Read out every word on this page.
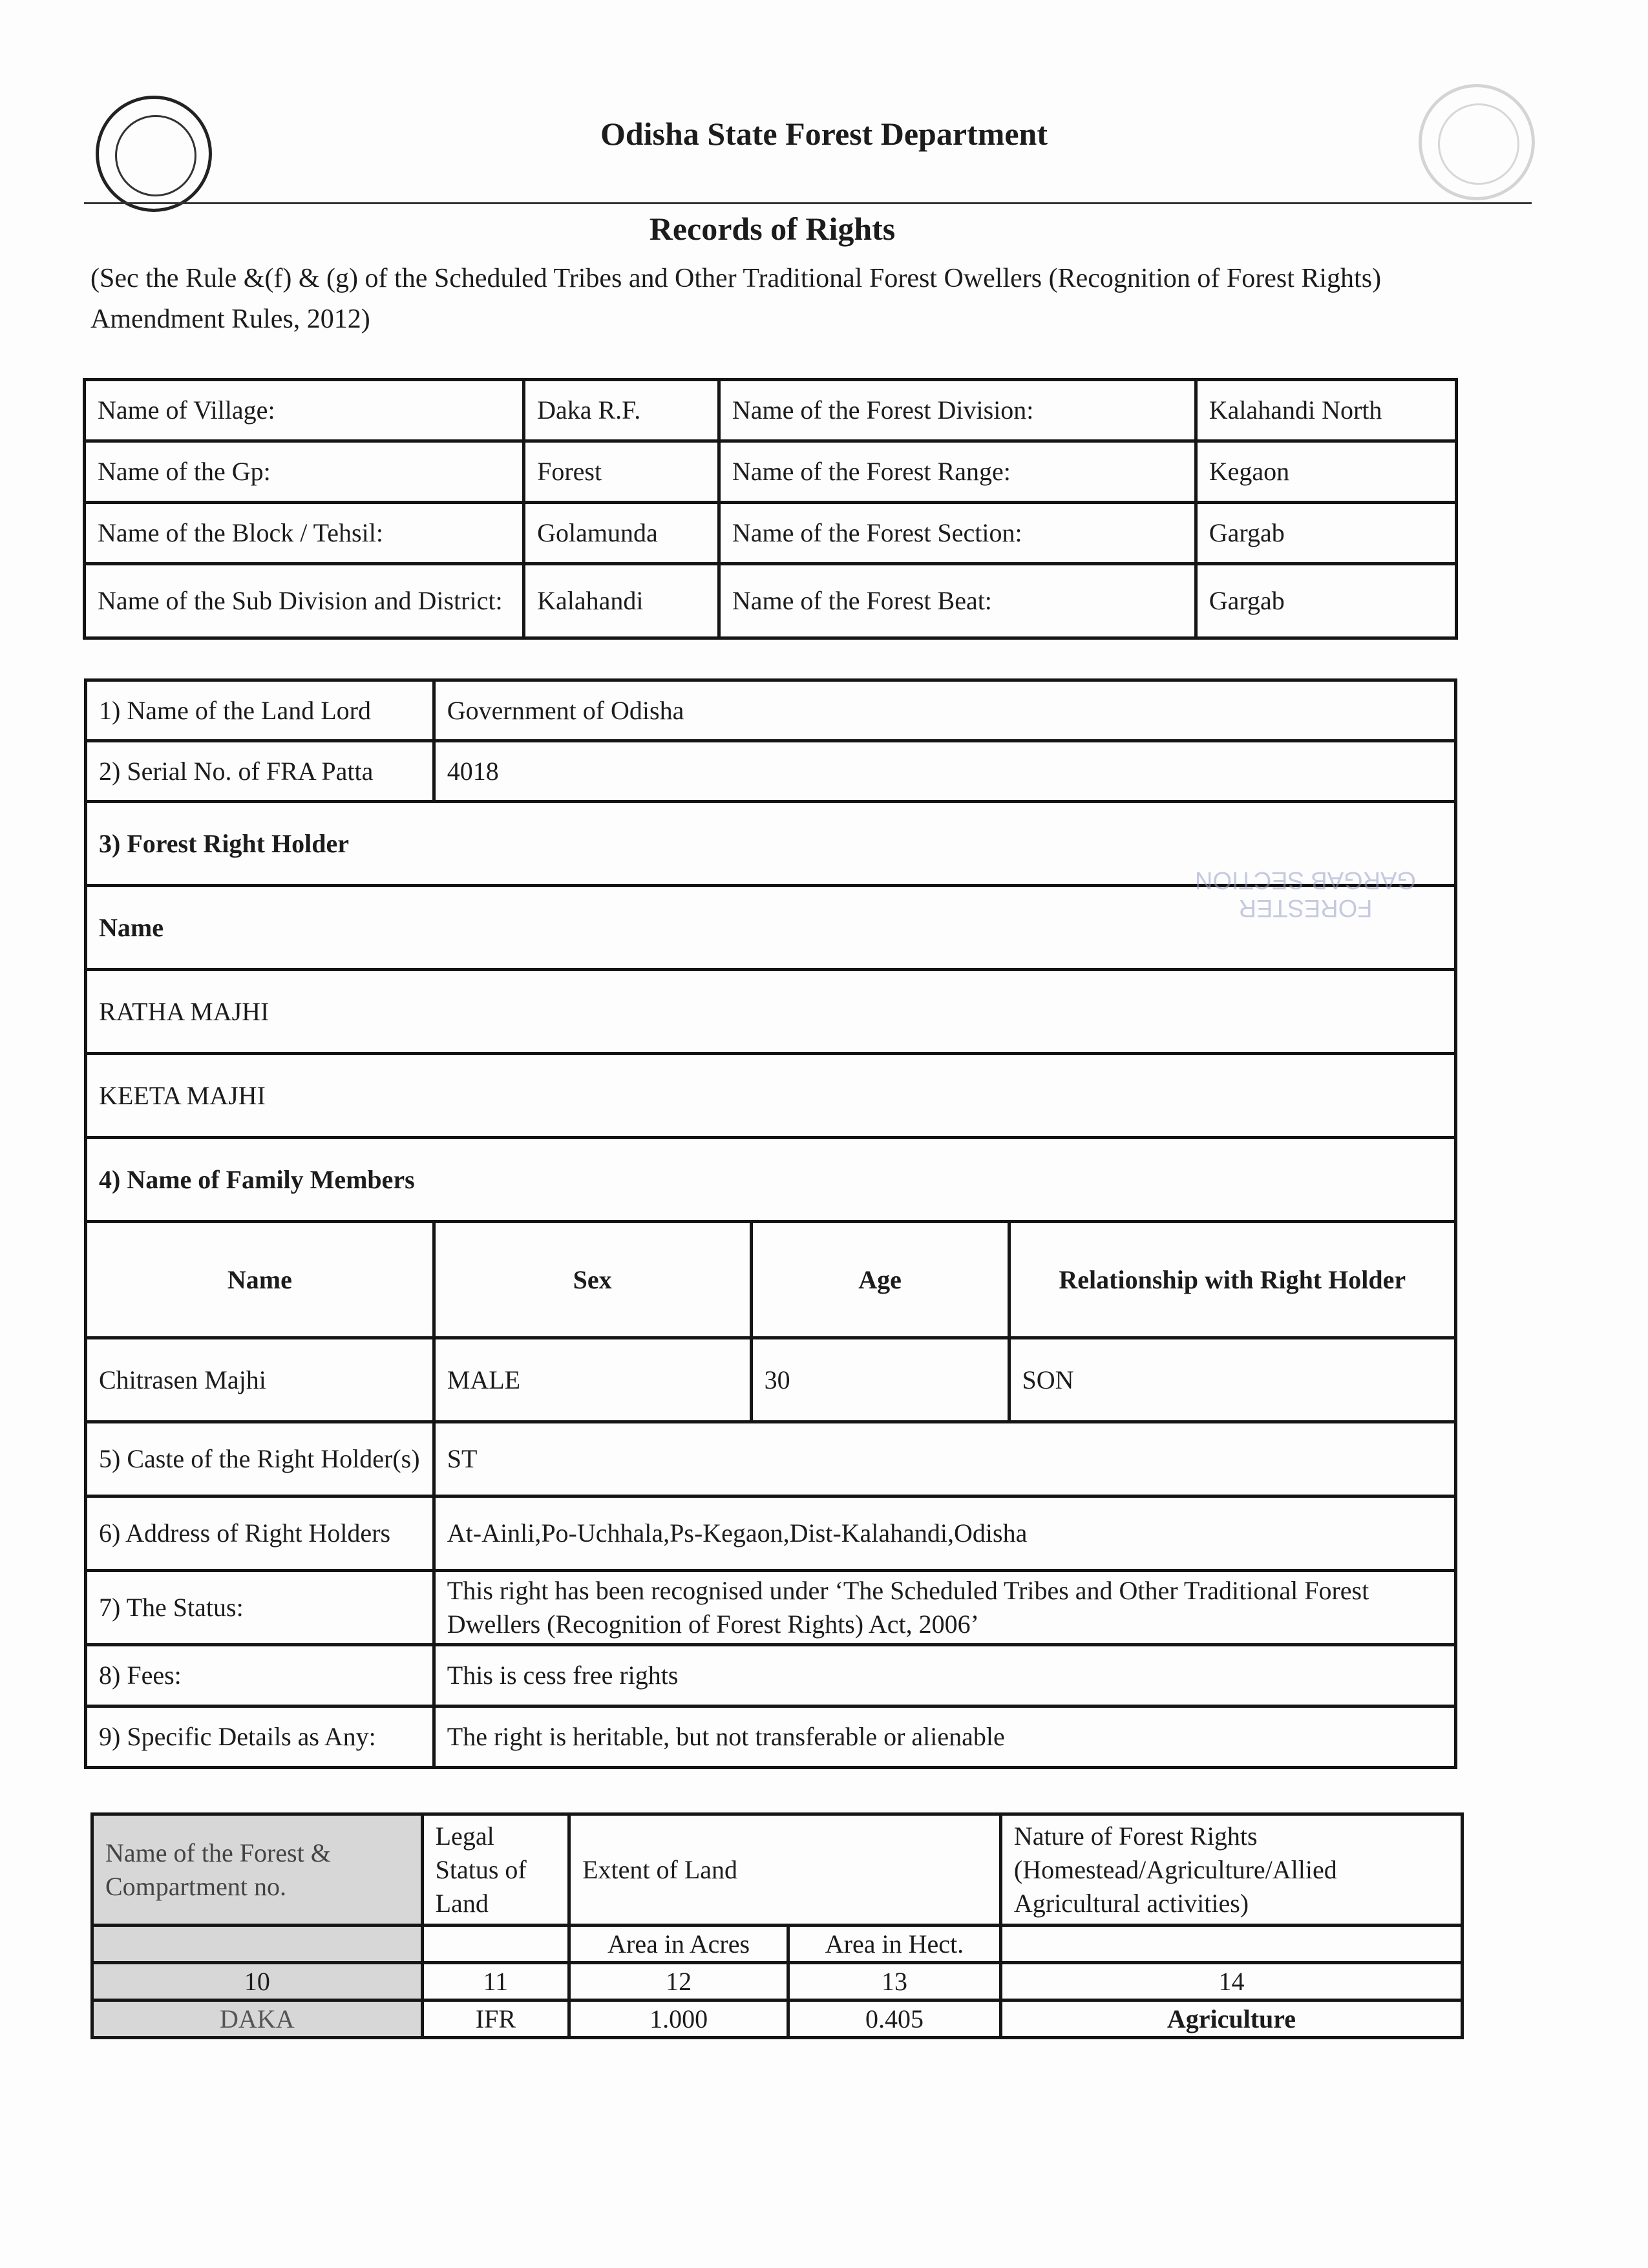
Odisha State Forest Department
Records of Rights
(Sec the Rule &(f) & (g) of the Scheduled Tribes and Other Traditional Forest Owellers (Recognition of Forest Rights) Amendment Rules, 2012)
Name of Village:	Daka R.F.	Name of the Forest Division:	Kalahandi North
Name of the Gp:	Forest	Name of the Forest Range:	Kegaon
Name of the Block / Tehsil:	Golamunda	Name of the Forest Section:	Gargab
Name of the Sub Division and District:	Kalahandi	Name of the Forest Beat:	Gargab
1) Name of the Land Lord	Government of Odisha		
2) Serial No. of FRA Patta	4018		
3) Forest Right Holder			
Name			
RATHA MAJHI			
KEETA MAJHI			
4) Name of Family Members			
Name	Sex	Age	Relationship with Right Holder
Chitrasen Majhi	MALE	30	SON
5) Caste of the Right Holder(s)	ST		
6) Address of Right Holders	At-Ainli,Po-Uchhala,Ps-Kegaon,Dist-Kalahandi,Odisha		
7) The Status:	This right has been recognised under ‘The Scheduled Tribes and Other Traditional Forest Dwellers (Recognition of Forest Rights) Act, 2006’		
8) Fees:	This is cess free rights		
9) Specific Details as Any:	The right is heritable, but not transferable or alienable		
Name of the Forest & Compartment no.	Legal Status of Land	Extent of Land		Nature of Forest Rights (Homestead/Agriculture/Allied Agricultural activities)
		Area in Acres	Area in Hect.	
10	11	12	13	14
DAKA	IFR	1.000	0.405	Agriculture
FORESTER
GARGAB SECTION
